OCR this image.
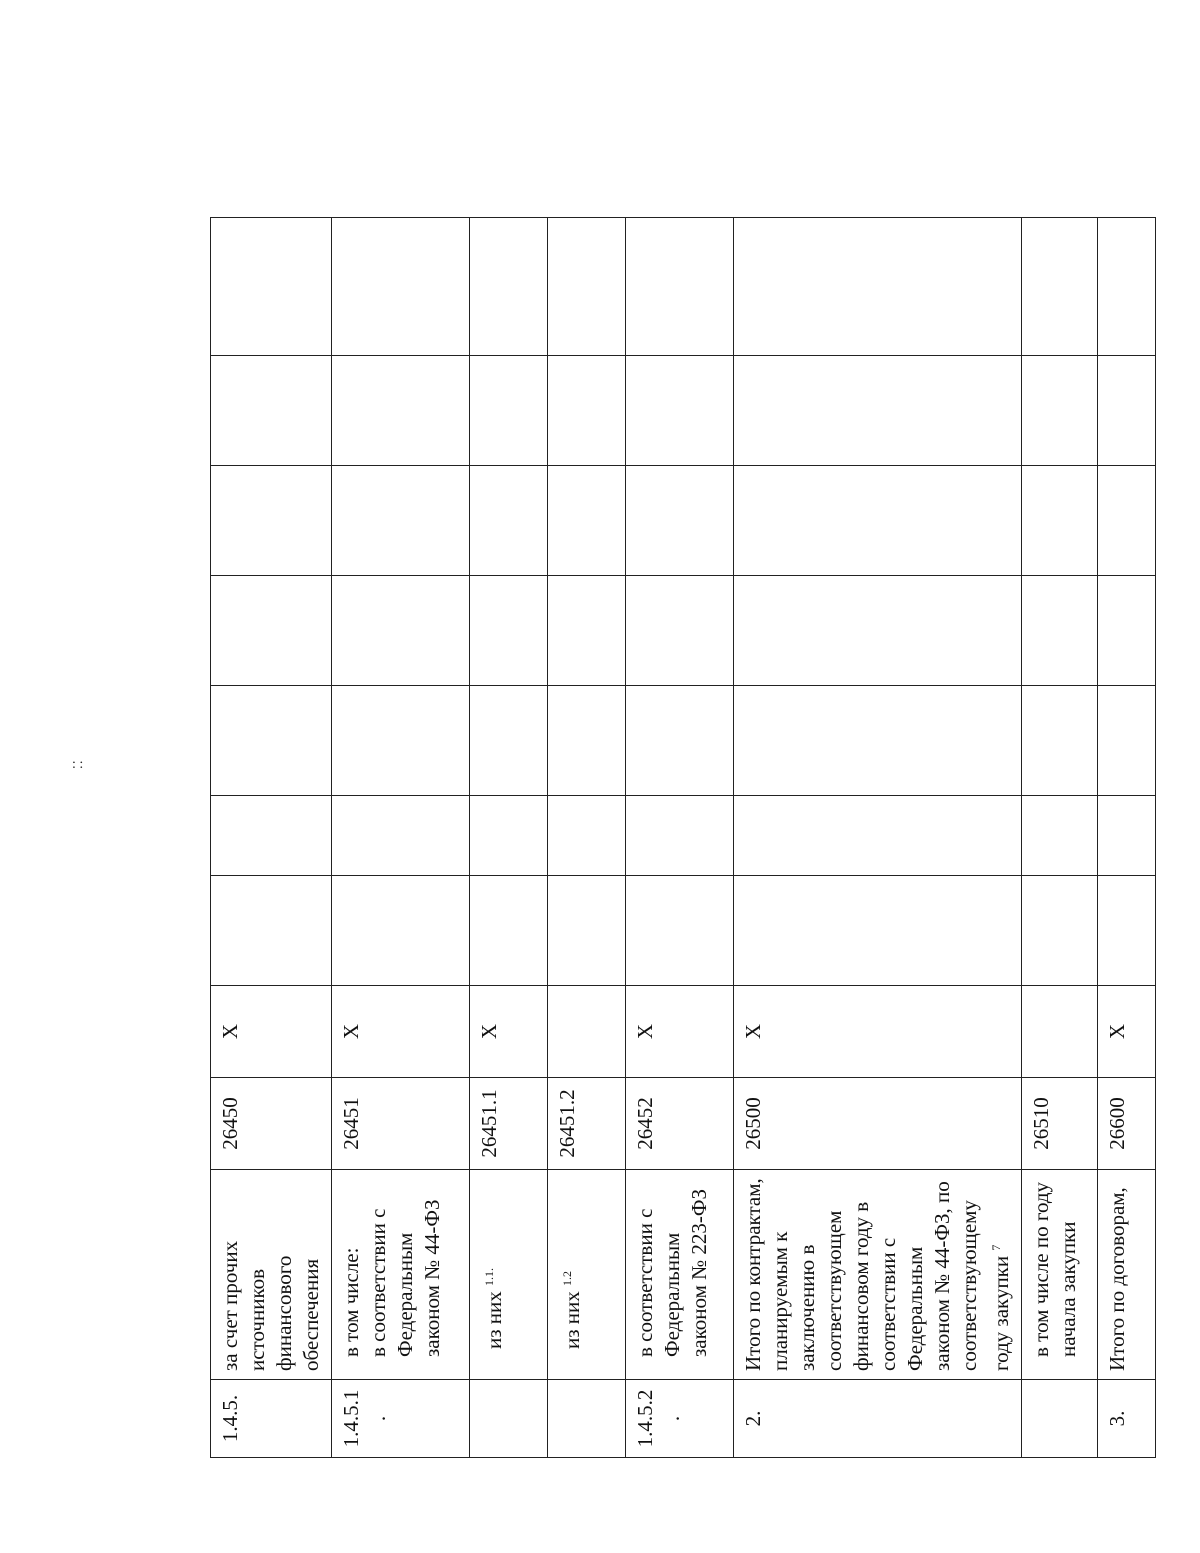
: :
1.4.5.	за счет прочих источников финансового обеспечения	26450	X							
1.4.5.1.	в том числе: в соответствии с Федеральным законом № 44-ФЗ	26451	X							
	из них $^{1.1.}$	26451.1	X							
	из них $^{1.2}$	26451.2								
1.4.5.2.	в соответствии с Федеральным законом № 223-ФЗ	26452	X							
2.	Итого по контрактам, планируемым к заключению в соответствующем финансовом году в соответствии с Федеральным законом № 44-ФЗ, по соответствующему году закупки $^7$	26500	X							
	в том числе по году начала закупки	26510								
3.	Итого по договорам,	26600	X							
